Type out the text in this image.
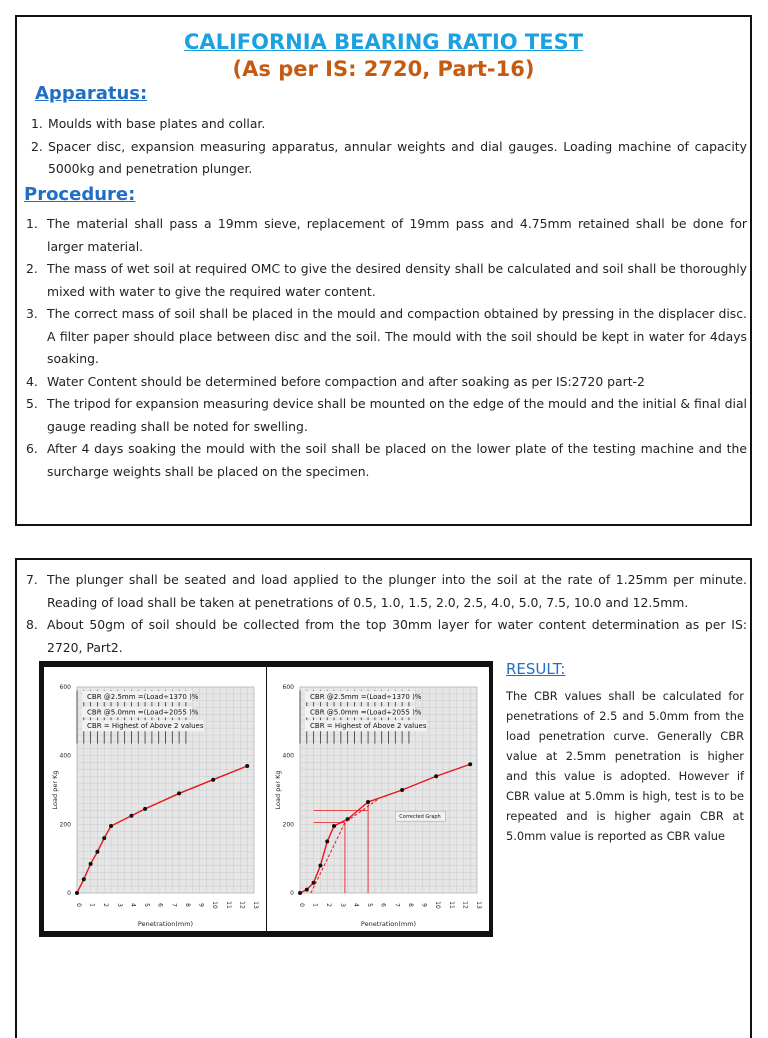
CALIFORNIA BEARING RATIO TEST
(As per IS: 2720, Part-16)
Apparatus:
1. Moulds with base plates and collar.
2. Spacer disc, expansion measuring apparatus, annular weights and dial gauges. Loading machine of capacity 5000kg and penetration plunger.
Procedure:
1. The material shall pass a 19mm sieve, replacement of 19mm pass and 4.75mm retained shall be done for larger material.
2. The mass of wet soil at required OMC to give the desired density shall be calculated and soil shall be thoroughly mixed with water to give the required water content.
3. The correct mass of soil shall be placed in the mould and compaction obtained by pressing in the displacer disc. A filter paper should place between disc and the soil. The mould with the soil should be kept in water for 4days soaking.
4. Water Content should be determined before compaction and after soaking as per IS:2720 part-2
5. The tripod for expansion measuring device shall be mounted on the edge of the mould and the initial & final dial gauge reading shall be noted for swelling.
6. After 4 days soaking the mould with the soil shall be placed on the lower plate of the testing machine and the surcharge weights shall be placed on the specimen.
7. The plunger shall be seated and load applied to the plunger into the soil at the rate of 1.25mm per minute. Reading of load shall be taken at penetrations of 0.5, 1.0, 1.5, 2.0, 2.5, 4.0, 5.0, 7.5, 10.0 and 12.5mm.
8. About 50gm of soil should be collected from the top 30mm layer for water content determination as per IS: 2720, Part2.
0
200
400
600
0 1 2 3 4 5 6 7 8 9 10 11 12 13
Penetration(mm)
Load per Kg
CBR @2.5mm =(Load÷1370 )%
CBR @5.0mm =(Load÷2055 )%
CBR = Highest of Above 2 values
0
200
400
600
0 1 2 3 4 5 6 7 8 9 10 11 12 13
Penetration(mm)
Load per Kg
CBR @2.5mm =(Load÷1370 )%
CBR @5.0mm =(Load÷2055 )%
CBR = Highest of Above 2 values
Corrected Graph
RESULT:
The CBR values shall be calculated for penetrations of 2.5 and 5.0mm from the load penetration curve. Generally CBR value at 2.5mm penetration is higher and this value is adopted. However if CBR value at 5.0mm is high, test is to be repeated and is higher again CBR at 5.0mm value is reported as CBR value
